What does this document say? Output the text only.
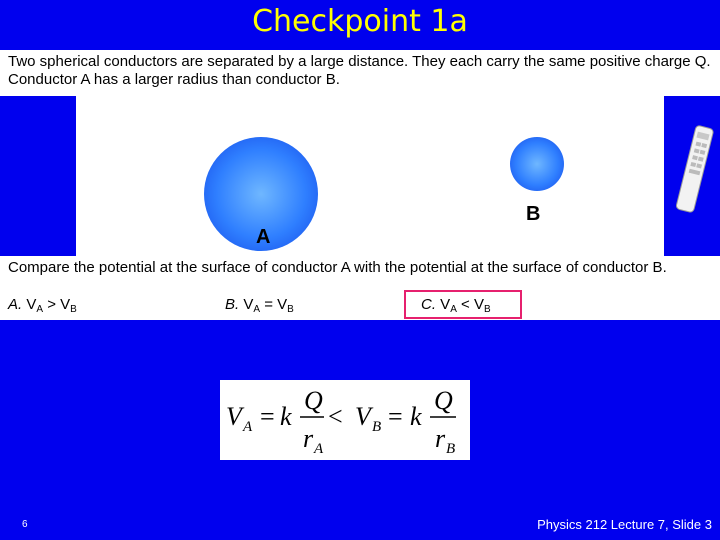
Checkpoint 1a
Two spherical conductors are separated by a large distance. They each carry the same positive charge Q. Conductor A has a larger radius than conductor B.
A
B
Compare the potential at the surface of conductor A with the potential at the surface of conductor B.
A. $V_A > V_B$	B. $V_A = V_B$	C. $V_A < V_B$
V A = k
Q
r A
< V B = k
Q
r B
6	Physics 212 Lecture 7, Slide 3
